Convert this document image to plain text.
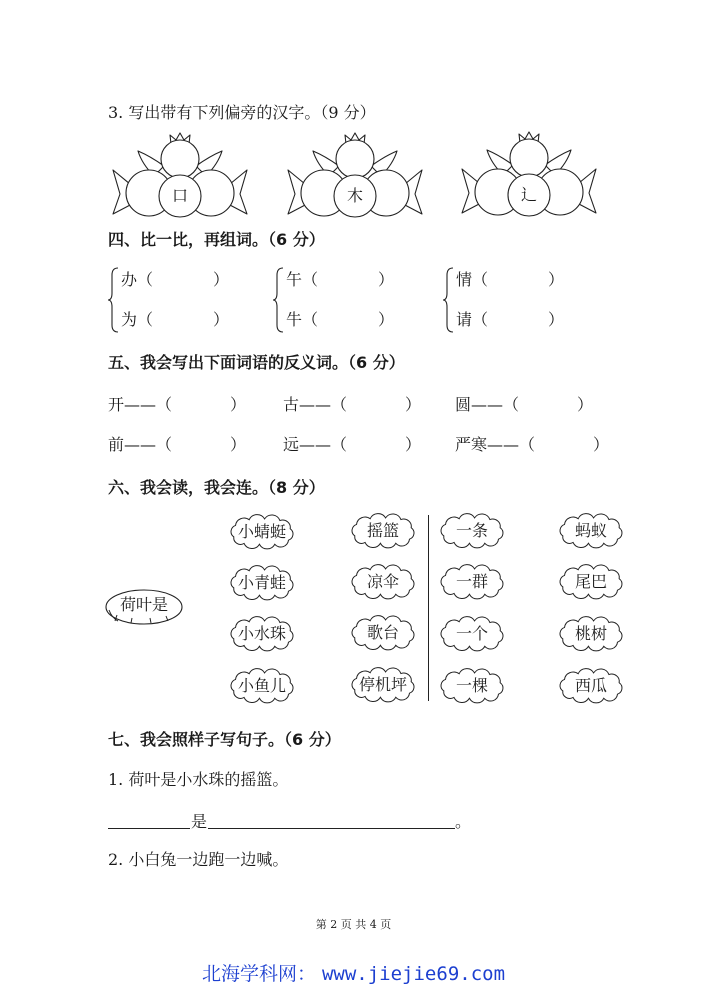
3. 写出带有下列偏旁的汉字。（9 分）
口	木	辶
四、比一比，再组词。（6 分）
办（	）
为（	）
午（	）
牛（	）
情（	）
请（	）
五、我会写出下面词语的反义词。（6 分）
开——（	） 古——（	） 圆——（	）
前——（	） 远——（	） 严寒——（	）
六、我会读，我会连。（8 分）
荷叶是
小蜻蜓
小青蛙
小水珠
小鱼儿
摇篮
凉伞
歌台
停机坪
一条
一群
一个
一棵
蚂蚁
尾巴
桃树
西瓜
七、我会照样子写句子。（6 分）
1. 荷叶是小水珠的摇篮。
是	。
2. 小白兔一边跑一边喊。
第 2 页 共 4 页
北海学科网： www.jiejie69.com
